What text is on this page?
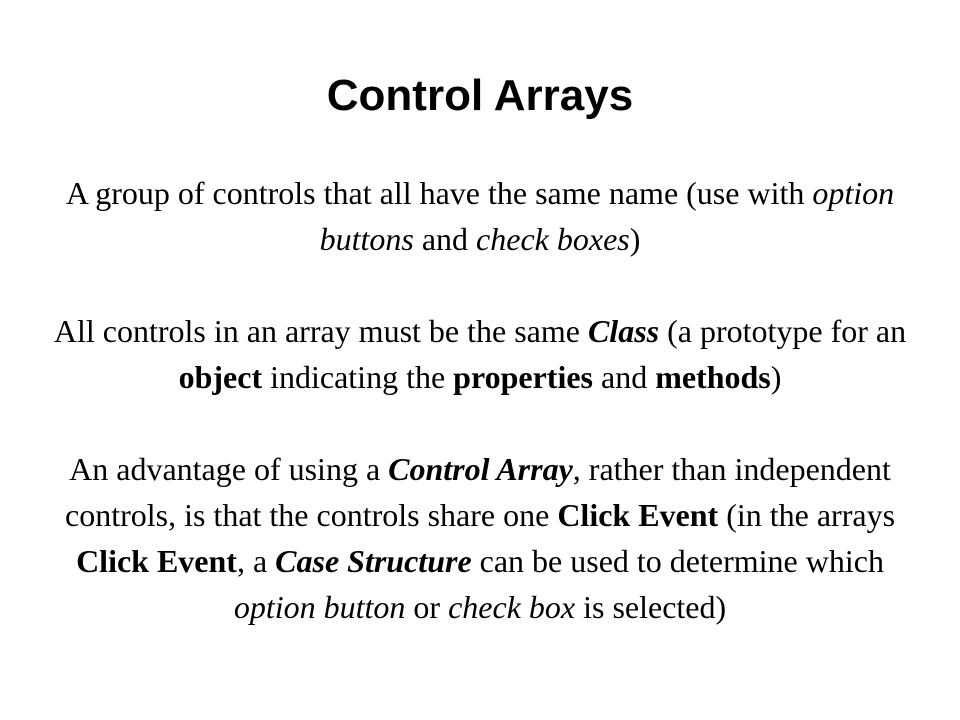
Control Arrays

A group of controls that all have the same name (use with option buttons and check boxes)

All controls in an array must be the same Class (a prototype for an object indicating the properties and methods)

An advantage of using a Control Array, rather than independent controls, is that the controls share one Click Event (in the arrays Click Event, a Case Structure can be used to determine which option button or check box is selected)
